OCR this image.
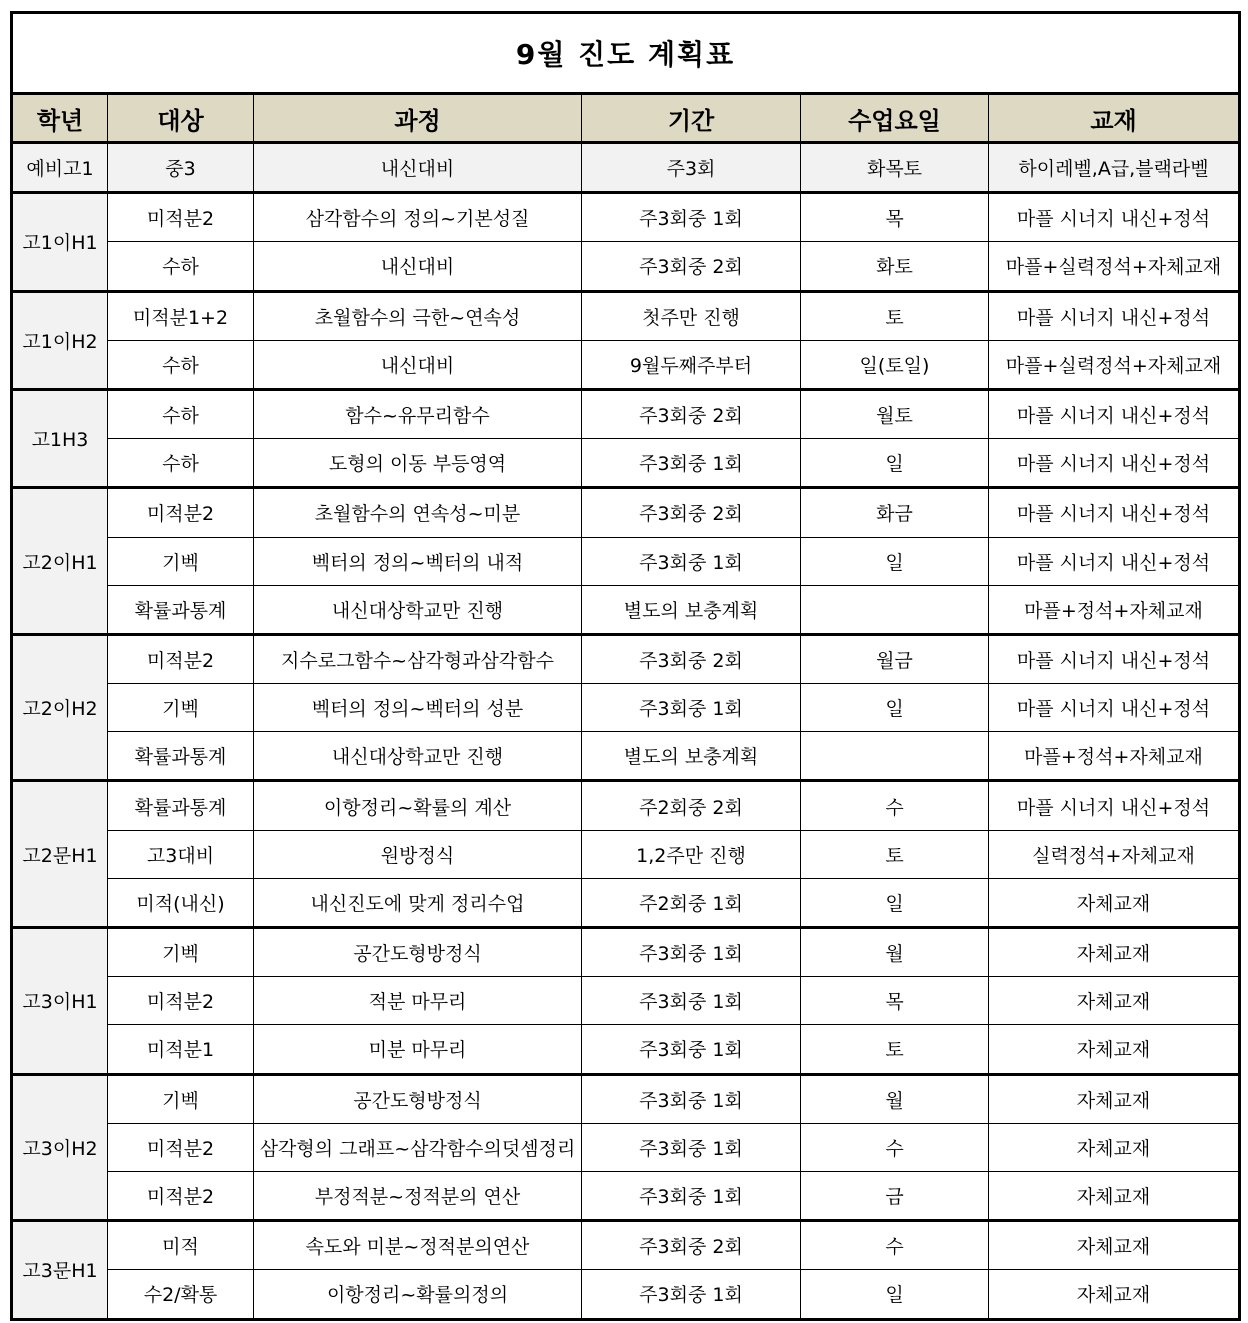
9월 진도 계획표					
학년	대상	과정	기간	수업요일	교재
예비고1	중3	내신대비	주3회	화목토	하이레벨,A급,블랙라벨
고1이H1	미적분2	삼각함수의 정의~기본성질	주3회중 1회	목	마플 시너지 내신+정석
	수하	내신대비	주3회중 2회	화토	마플+실력정석+자체교재
고1이H2	미적분1+2	초월함수의 극한~연속성	첫주만 진행	토	마플 시너지 내신+정석
	수하	내신대비	9월두째주부터	일(토일)	마플+실력정석+자체교재
고1H3	수하	함수~유무리함수	주3회중 2회	월토	마플 시너지 내신+정석
	수하	도형의 이동 부등영역	주3회중 1회	일	마플 시너지 내신+정석
고2이H1	미적분2	초월함수의 연속성~미분	주3회중 2회	화금	마플 시너지 내신+정석
	기벡	벡터의 정의~벡터의 내적	주3회중 1회	일	마플 시너지 내신+정석
	확률과통계	내신대상학교만 진행	별도의 보충계획		마플+정석+자체교재
고2이H2	미적분2	지수로그함수~삼각형과삼각함수	주3회중 2회	월금	마플 시너지 내신+정석
	기벡	벡터의 정의~벡터의 성분	주3회중 1회	일	마플 시너지 내신+정석
	확률과통계	내신대상학교만 진행	별도의 보충계획		마플+정석+자체교재
고2문H1	확률과통계	이항정리~확률의 계산	주2회중 2회	수	마플 시너지 내신+정석
	고3대비	원방정식	1,2주만 진행	토	실력정석+자체교재
	미적(내신)	내신진도에 맞게 정리수업	주2회중 1회	일	자체교재
고3이H1	기벡	공간도형방정식	주3회중 1회	월	자체교재
	미적분2	적분 마무리	주3회중 1회	목	자체교재
	미적분1	미분 마무리	주3회중 1회	토	자체교재
고3이H2	기벡	공간도형방정식	주3회중 1회	월	자체교재
	미적분2	삼각형의 그래프~삼각함수의덧셈정리	주3회중 1회	수	자체교재
	미적분2	부정적분~정적분의 연산	주3회중 1회	금	자체교재
고3문H1	미적	속도와 미분~정적분의연산	주3회중 2회	수	자체교재
	수2/확통	이항정리~확률의정의	주3회중 1회	일	자체교재
